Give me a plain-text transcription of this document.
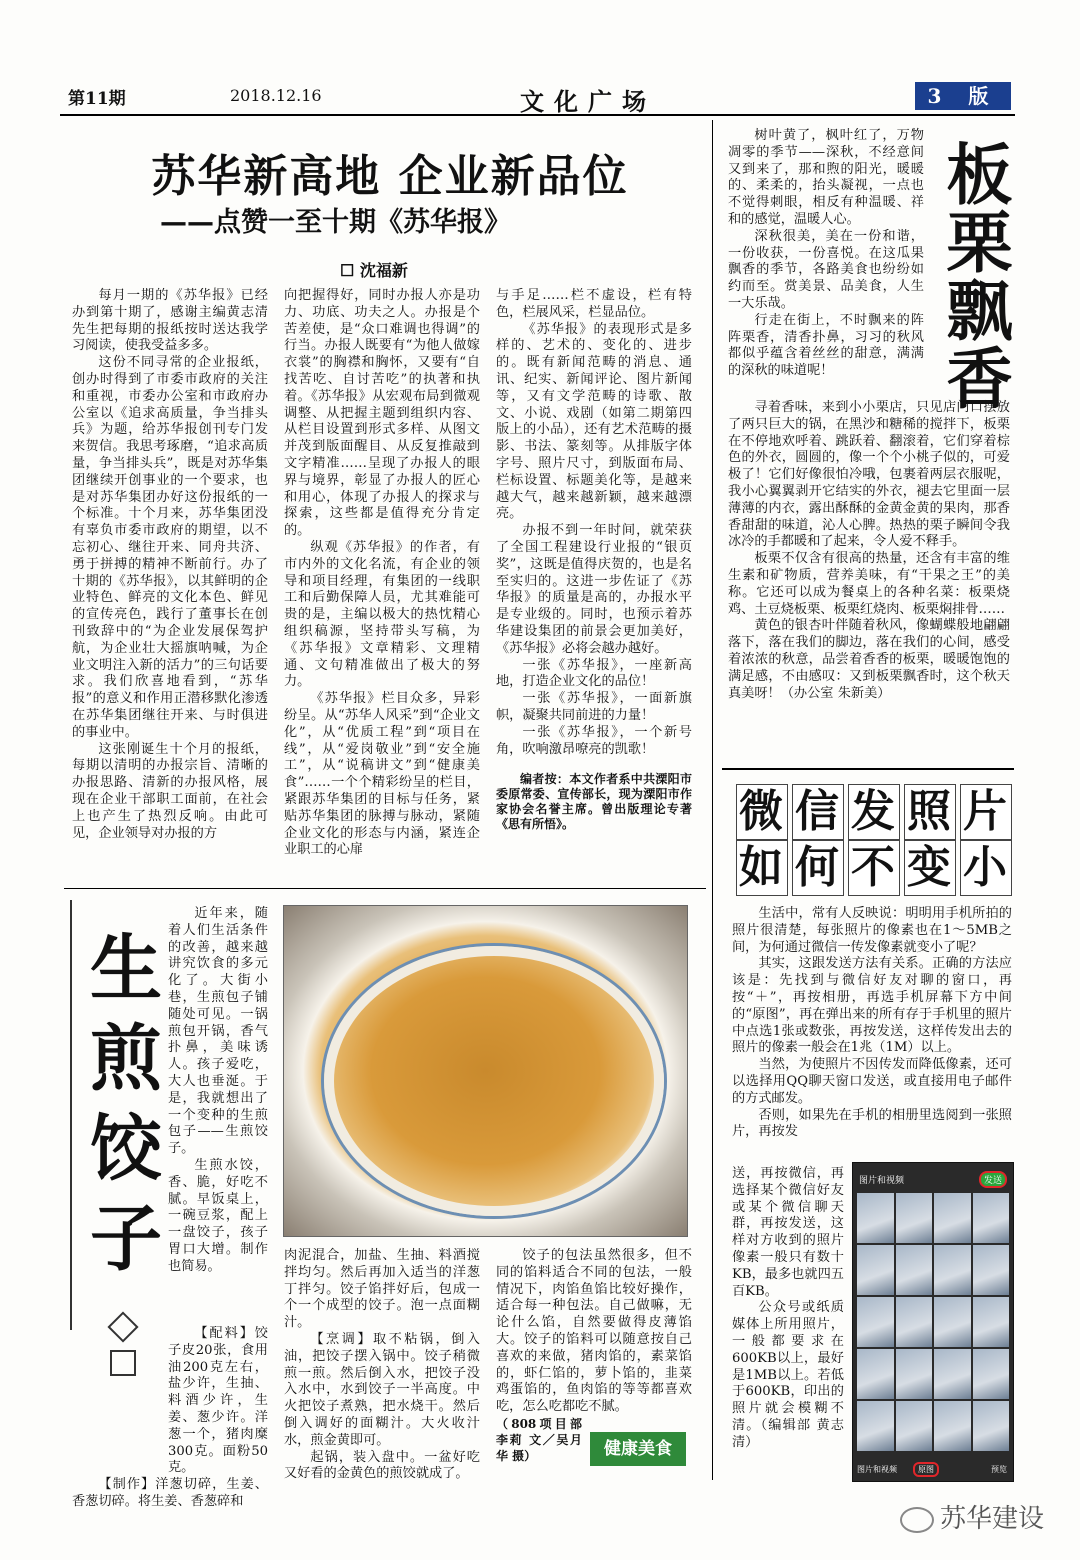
第11期	2018.12.16	文化广场	3 版
苏华新高地 企业新品位
——点赞一至十期《苏华报》
☐ 沈福新

每月一期的《苏华报》已经办到第十期了，感谢主编黄志清先生把每期的报纸按时送达我学习阅读，使我受益多多。

这份不同寻常的企业报纸，创办时得到了市委市政府的关注和重视，市委办公室和市政府办公室以《追求高质量，争当排头兵》为题，给苏华报创刊专门发来贺信。我思考琢磨，“追求高质量，争当排头兵”，既是对苏华集团继续开创事业的一个要求，也是对苏华集团办好这份报纸的一个标准。十个月来，苏华集团没有辜负市委市政府的期望，以不忘初心、继往开来、同舟共济、勇于拼搏的精神不断前行。办了十期的《苏华报》，以其鲜明的企业特色、鲜亮的文化本色、鲜见的宣传亮色，践行了董事长在创刊致辞中的“为企业发展保驾护航，为企业壮大摇旗呐喊，为企业文明注入新的活力”的三句话要求。我们欣喜地看到，“苏华报”的意义和作用正潜移默化渗透在苏华集团继往开来、与时俱进的事业中。

这张刚诞生十个月的报纸，每期以清明的办报宗旨、清晰的办报思路、清新的办报风格，展现在企业干部职工面前，在社会上也产生了热烈反响。由此可见，企业领导对办报的方

向把握得好，同时办报人亦是功力、功底、功夫之人。办报是个苦差使，是“众口难调也得调”的行当。办报人既要有“为他人做嫁衣裳”的胸襟和胸怀，又要有“自找苦吃、自讨苦吃”的执著和执着。《苏华报》从宏观布局到微观调整、从把握主题到组织内容、从栏目设置到形式多样、从图文并茂到版面醒目、从反复推敲到文字精准……呈现了办报人的眼界与境界，彰显了办报人的匠心和用心，体现了办报人的探求与探索，这些都是值得充分肯定的。

纵观《苏华报》的作者，有市内外的文化名流，有企业的领导和项目经理，有集团的一线职工和后勤保障人员，尤其难能可贵的是，主编以极大的热忱精心组织稿源，坚持带头写稿，为《苏华报》文章精彩、文理精通、文句精准做出了极大的努力。

《苏华报》栏目众多，异彩纷呈。从“苏华人风采”到“企业文化”，从“优质工程”到“项目在线”，从“爱岗敬业”到“安全施工”，从“说稿讲文”到“健康美食”……一个个精彩纷呈的栏目，紧跟苏华集团的目标与任务，紧贴苏华集团的脉搏与脉动，紧随企业文化的形态与内涵，紧连企业职工的心扉

与手足……栏不虚设，栏有特色，栏展风采，栏显品位。

《苏华报》的表现形式是多样的、艺术的、变化的、进步的。既有新闻范畴的消息、通讯、纪实、新闻评论、图片新闻等，又有文学范畴的诗歌、散文、小说、戏剧（如第二期第四版上的小品），还有艺术范畴的摄影、书法、篆刻等。从排版字体字号、照片尺寸，到版面布局、栏标设置、标题美化等，是越来越大气，越来越新颖，越来越漂亮。

办报不到一年时间，就荣获了全国工程建设行业报的“银页奖”，这既是值得庆贺的，也是名至实归的。这进一步佐证了《苏华报》的质量是高的，办报水平是专业级的。同时，也预示着苏华建设集团的前景会更加美好，《苏华报》必将会越办越好。

一张《苏华报》，一座新高地，打造企业文化的品位！

一张《苏华报》，一面新旗帜，凝聚共同前进的力量！

一张《苏华报》，一个新号角，吹响激昂嘹亮的凯歌！

编者按：本文作者系中共溧阳市委原常委、宣传部长，现为溧阳市作家协会名誉主席。曾出版理论专著《思有所悟》。

树叶黄了，枫叶红了，万物凋零的季节——深秋，不经意间又到来了，那和煦的阳光，暖暖的、柔柔的，抬头凝视，一点也不觉得刺眼，相反有种温暖、祥和的感觉，温暖人心。

深秋很美，美在一份和谐，一份收获，一份喜悦。在这瓜果飘香的季节，各路美食也纷纷如约而至。赏美景、品美食，人生一大乐哉。

行走在街上，不时飘来的阵阵栗香，清香扑鼻，习习的秋风都似乎蕴含着丝丝的甜意，满满的深秋的味道呢！	板栗飘香

寻着香味，来到小小栗店，只见店门口摆放了两只巨大的锅，在黑沙和糖稀的搅拌下，板栗在不停地欢呼着、跳跃着、翻滚着，它们穿着棕色的外衣，圆圆的，像一个个小桃子似的，可爱极了！它们好像很怕冷哦，包裹着两层衣服呢，我小心翼翼剥开它结实的外衣，褪去它里面一层薄薄的内衣，露出酥酥的金黄金黄的果肉，那香香甜甜的味道，沁人心脾。热热的栗子瞬间令我冰冷的手都暖和了起来，令人爱不释手。

板栗不仅含有很高的热量，还含有丰富的维生素和矿物质，营养美味，有“干果之王”的美称。它还可以成为餐桌上的各种名菜：板栗烧鸡、土豆烧板栗、板栗红烧肉、板栗焖排骨……

黄色的银杏叶伴随着秋风，像蝴蝶般地翩翩落下，落在我们的脚边，落在我们的心间，感受着浓浓的秋意，品尝着香香的板栗，暖暖饱饱的满足感，不由感叹：又到板栗飘香时，这个秋天真美呀！（办公室 朱新美）

微 信 发 照 片
如 何 不 变 小

生活中，常有人反映说：明明用手机所拍的照片很清楚，每张照片的像素也在1～5MB之间，为何通过微信一传发像素就变小了呢？

其实，这跟发送方法有关系。正确的方法应该是：先找到与微信好友对聊的窗口，再按“＋”，再按相册，再选手机屏幕下方中间的“原图”，再在弹出来的所有存于手机里的照片中点选1张或数张，再按发送，这样传发出去的照片的像素一般会在1兆（1M）以上。

当然，为使照片不因传发而降低像素，还可以选择用QQ聊天窗口发送，或直接用电子邮件的方式邮发。

否则，如果先在手机的相册里选阅到一张照片，再按发

送，再按微信，再选择某个微信好友或某个微信聊天群，再按发送，这样对方收到的照片像素一般只有数十KB，最多也就四五百KB。

公众号或纸质媒体上所用照片，一般都要求在600KB以上，最好是1MB以上。若低于600KB，印出的照片就会模糊不清。（编辑部 黄志清）

图片和视频	发送
图片和视频	原图	预览
生煎饺子

近年来，随着人们生活条件的改善，越来越讲究饮食的多元化了。大街小巷，生煎包子铺随处可见。一锅煎包开锅，香气扑鼻，美味诱人。孩子爱吃，大人也垂涎。于是，我就想出了一个变种的生煎包子——生煎饺子。

生煎水饺，香、脆，好吃不腻。早饭桌上，一碗豆浆，配上一盘饺子，孩子胃口大增。制作也简易。

【配料】饺子皮20张，食用油200克左右，盐少许，生抽、料酒少许，生姜、葱少许。洋葱一个，猪肉糜300克。面粉50克。

【制作】洋葱切碎，生姜、香葱切碎。将生姜、香葱碎和

肉泥混合，加盐、生抽、料酒搅拌均匀。然后再加入适当的洋葱丁拌匀。饺子馅拌好后，包成一个一个成型的饺子。泡一点面糊汁。

【烹调】取不粘锅，倒入油，把饺子摆入锅中。饺子稍微煎一煎。然后倒入水，把饺子没入水中，水到饺子一半高度。中火把饺子煮熟，把水烧干。然后倒入调好的面糊汁。大火收汁水，煎金黄即可。

起锅，装入盘中。一盆好吃又好看的金黄色的煎饺就成了。

饺子的包法虽然很多，但不同的馅料适合不同的包法，一般情况下，肉馅鱼馅比较好操作，适合每一种包法。自己做嘛，无论什么馅，自然要做得皮薄馅大。饺子的馅料可以随意按自己喜欢的来做，猪肉馅的，素菜馅的，虾仁馅的，萝卜馅的，韭菜鸡蛋馅的，鱼肉馅的等等都喜欢吃，怎么吃都吃不腻。

（808项目部 李莉 文／吴月华 摄）	健康美食
苏华建设
